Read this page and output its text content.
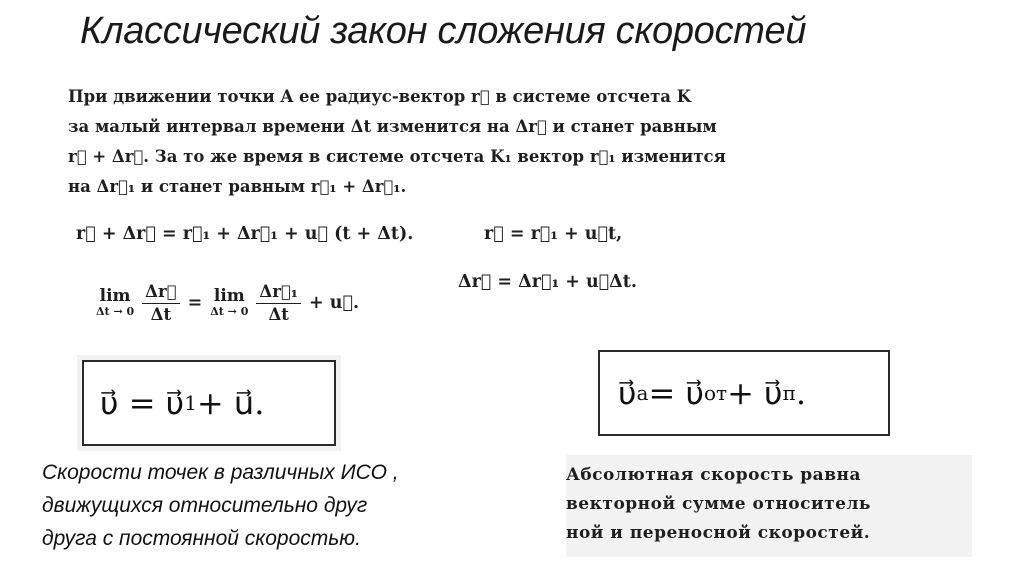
Классический закон сложения скоростей
При движении точки A ее радиус-вектор r⃗ в системе отсчета K
за малый интервал времени Δt изменится на Δr⃗ и станет равным
r⃗ + Δr⃗. За то же время в системе отсчета K₁ вектор r⃗₁ изменится
на Δr⃗₁ и станет равным r⃗₁ + Δr⃗₁.
r⃗ + Δr⃗ = r⃗₁ + Δr⃗₁ + u⃗ (t + Δt).	r⃗ = r⃗₁ + u⃗t,
Δr⃗ = Δr⃗₁ + u⃗Δt.
lim
$\Delta t \to 0 \frac{\Delta r⃗}{\Delta t} = \lim$
$\Delta t \to 0 \frac{\text{Δr⃗₁}}{\Delta t}$ + u⃗.
υ⃗ = υ⃗ 1 + u⃗.	υ⃗ а = υ⃗ от + υ⃗ п .
Скорости точек в различных ИСО ,
движущихся относительно друг
друга с постоянной скоростью.
Абсолютная скорость равна
векторной сумме относитель
ной и переносной скоростей.
